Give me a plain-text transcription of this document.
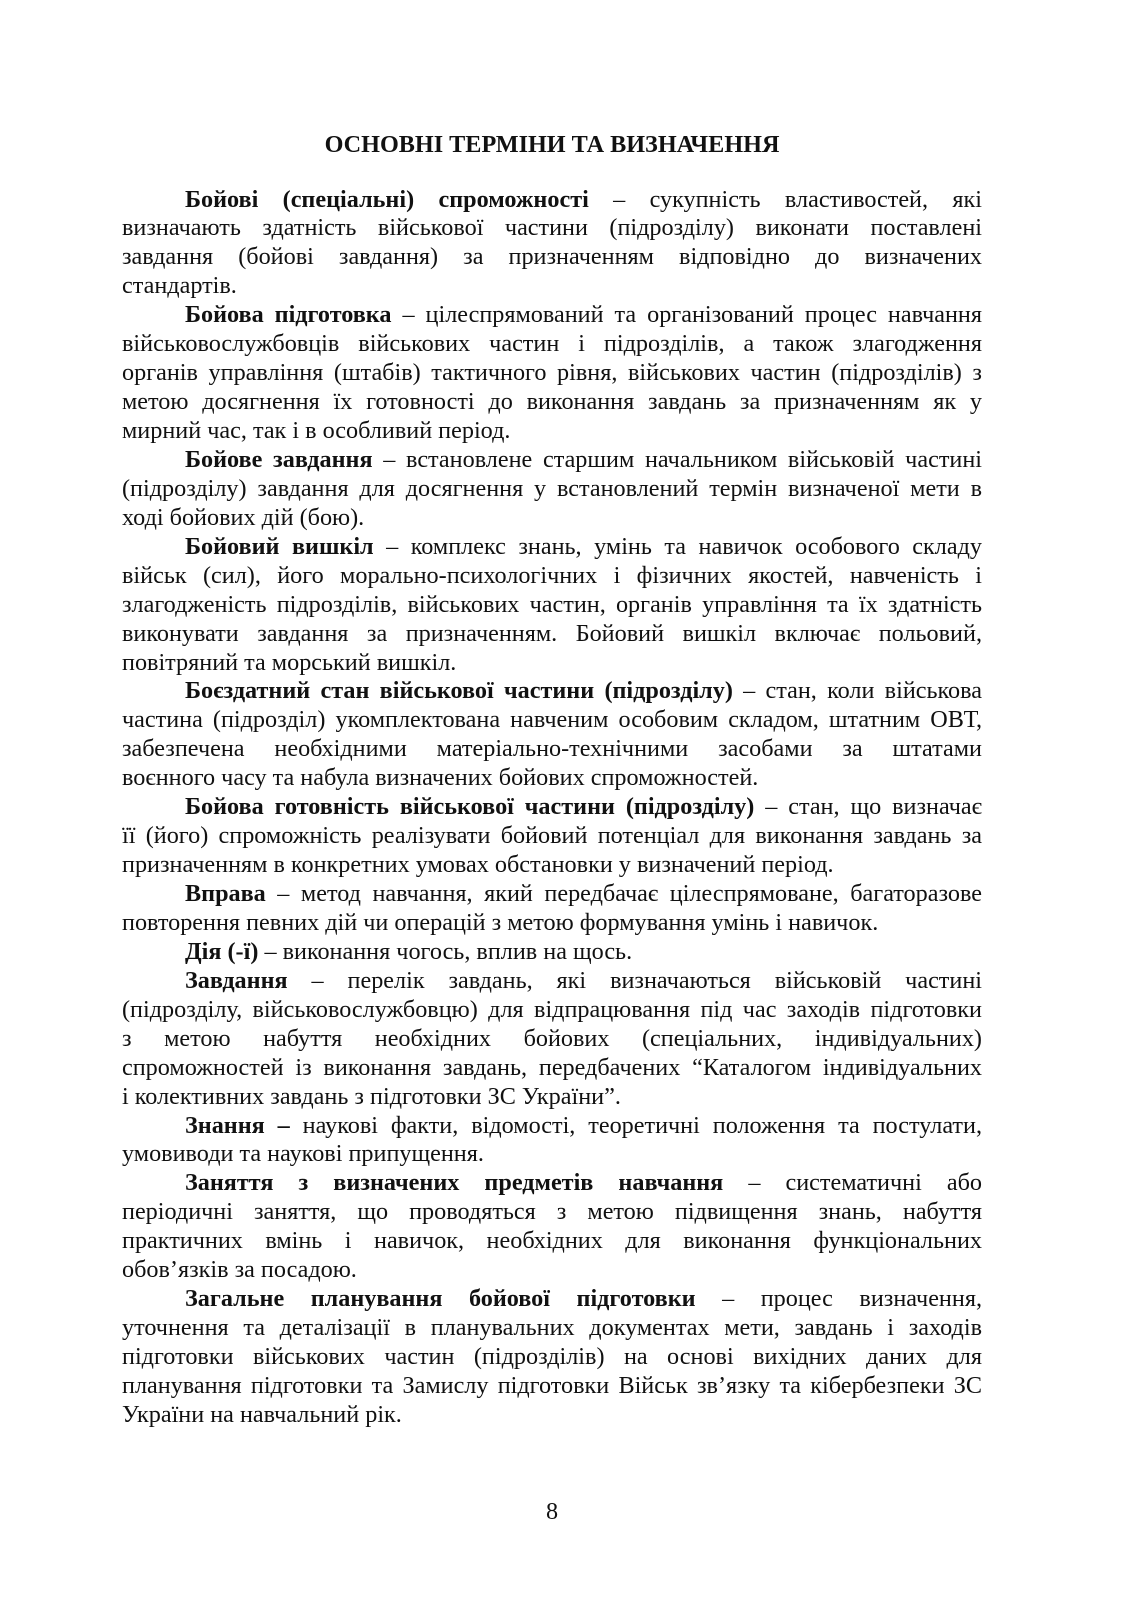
ОСНОВНІ ТЕРМІНИ ТА ВИЗНАЧЕННЯ
Бойові (спеціальні) спроможності – сукупність властивостей, які
визначають здатність військової частини (підрозділу) виконати поставлені
завдання (бойові завдання) за призначенням відповідно до визначених
стандартів.
Бойова підготовка – цілеспрямований та організований процес навчання
військовослужбовців військових частин і підрозділів, а також злагодження
органів управління (штабів) тактичного рівня, військових частин (підрозділів) з
метою досягнення їх готовності до виконання завдань за призначенням як у
мирний час, так і в особливий період.
Бойове завдання – встановлене старшим начальником військовій частині
(підрозділу) завдання для досягнення у встановлений термін визначеної мети в
ході бойових дій (бою).
Бойовий вишкіл – комплекс знань, умінь та навичок особового складу
військ (сил), його морально-психологічних і фізичних якостей, навченість і
злагодженість підрозділів, військових частин, органів управління та їх здатність
виконувати завдання за призначенням. Бойовий вишкіл включає польовий,
повітряний та морський вишкіл.
Боєздатний стан військової частини (підрозділу) – стан, коли військова
частина (підрозділ) укомплектована навченим особовим складом, штатним ОВТ,
забезпечена необхідними матеріально-технічними засобами за штатами
воєнного часу та набула визначених бойових спроможностей.
Бойова готовність військової частини (підрозділу) – стан, що визначає
її (його) спроможність реалізувати бойовий потенціал для виконання завдань за
призначенням в конкретних умовах обстановки у визначений період.
Вправа – метод навчання, який передбачає цілеспрямоване, багаторазове
повторення певних дій чи операцій з метою формування умінь і навичок.
Дія (-ї) – виконання чогось, вплив на щось.
Завдання – перелік завдань, які визначаються військовій частині
(підрозділу, військовослужбовцю) для відпрацювання під час заходів підготовки
з метою набуття необхідних бойових (спеціальних, індивідуальних)
спроможностей із виконання завдань, передбачених “Каталогом індивідуальних
і колективних завдань з підготовки ЗС України”.
Знання – наукові факти, відомості, теоретичні положення та постулати,
умовиводи та наукові припущення.
Заняття з визначених предметів навчання – систематичні або
періодичні заняття, що проводяться з метою підвищення знань, набуття
практичних вмінь і навичок, необхідних для виконання функціональних
обов’язків за посадою.
Загальне планування бойової підготовки – процес визначення,
уточнення та деталізації в планувальних документах мети, завдань і заходів
підготовки військових частин (підрозділів) на основі вихідних даних для
планування підготовки та Замислу підготовки Військ зв’язку та кібербезпеки ЗС
України на навчальний рік.
8
